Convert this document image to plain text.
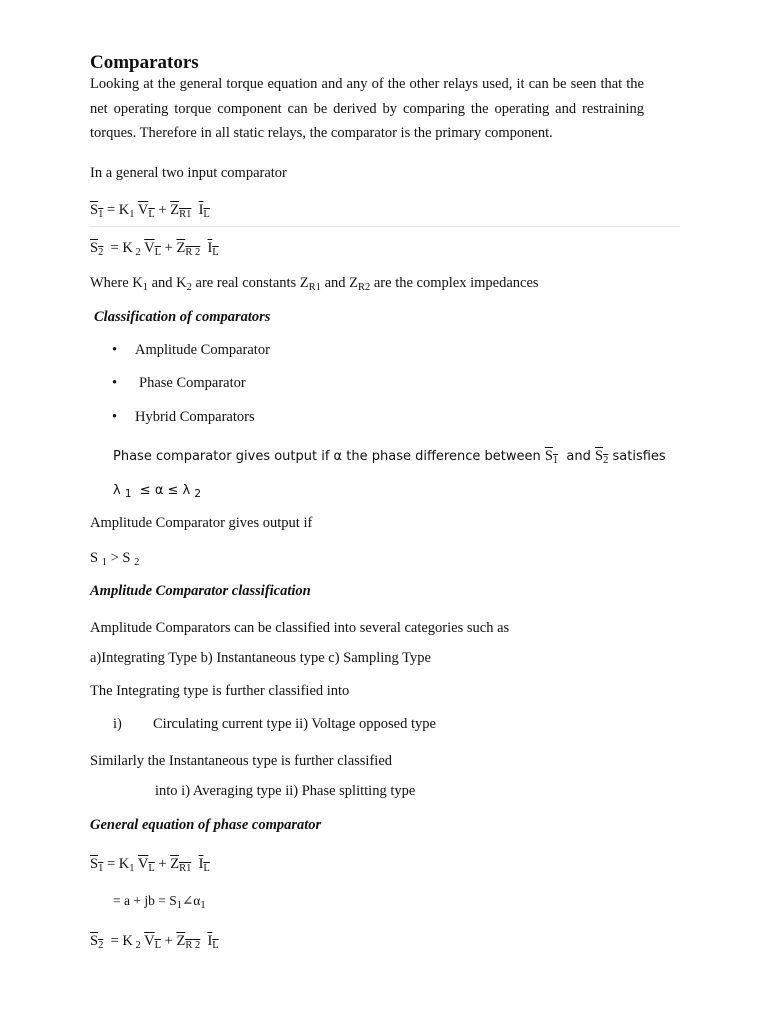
Comparators
Looking at the general torque equation and any of the other relays used, it can be seen that the net operating torque component can be derived by comparing the operating and restraining torques. Therefore in all static relays, the comparator is the primary component.
In a general two input comparator
$S_1 = K_1$ $V_L + Z_{R1}$ $I_L$
$S_2 = K$ $_2$ $V_L + Z_{R 2}$ $I_L$
Where $K_1$ and $K_2$ are real constants $Z_{R1}$ and $Z_{R2}$ are the complex impedances
Classification of comparators
• Amplitude Comparator
• Phase Comparator
• Hybrid Comparators
Phase comparator gives output if α the phase difference between $S_1$  and $S_2$ satisfies
λ $_1$  ≤ α ≤ λ $_2$
Amplitude Comparator gives output if
S $_1$ > S $_2$
Amplitude Comparator classification
Amplitude Comparators can be classified into several categories such as
a)Integrating Type b) Instantaneous type c) Sampling Type
The Integrating type is further classified into
i) Circulating current type ii) Voltage opposed type
Similarly the Instantaneous type is further classified
into i) Averaging type ii) Phase splitting type
General equation of phase comparator
$S_1 = K_1$ $V_L + Z_{R1}$ $I_L$
= a + jb = $S_1\angle\alpha_1$
$S_2 = K$ $_2$ $V_L + Z_{R 2}$ $I_L$
